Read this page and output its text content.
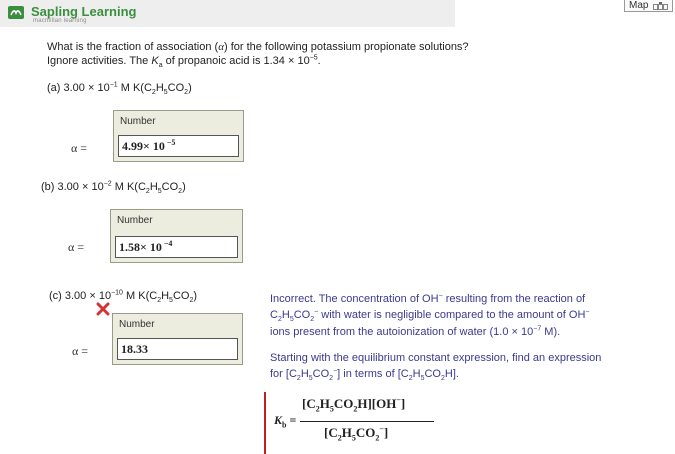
Sapling Learning
macmillan learning
Map
What is the fraction of association (α) for the following potassium propionate solutions?
Ignore activities. The $K_a$ of propanoic acid is $1.34 \times 10^{-5}$.
(a) $3.00 \times 10^{-1}$ M $K(C_2H_5CO_2)$
α =
Number
4.99× 10 $^{-5}$
(b) $3.00 \times 10^{-2}$ M $K(C_2H_5CO_2)$
α =
Number
1.58× 10 $^{-4}$
(c) $3.00 \times 10^{-10}$ M $K(C_2H_5CO_2)$
α =
Number
18.33
Incorrect. The concentration of OH− resulting from the reaction of
$C_2H_5CO_2^-$ with water is negligible compared to the amount of OH−
ions present from the autoionization of water ($1.0 \times 10^{-7}$ M).
Starting with the equilibrium constant expression, find an expression
for $[C_2H_5CO_2^-]$ in terms of $[C_2H_5CO_2H]$.
$K_b$ =
$[C_2H_5CO_2H][OH^-]$
$[C_2H_5CO_2^-]$
